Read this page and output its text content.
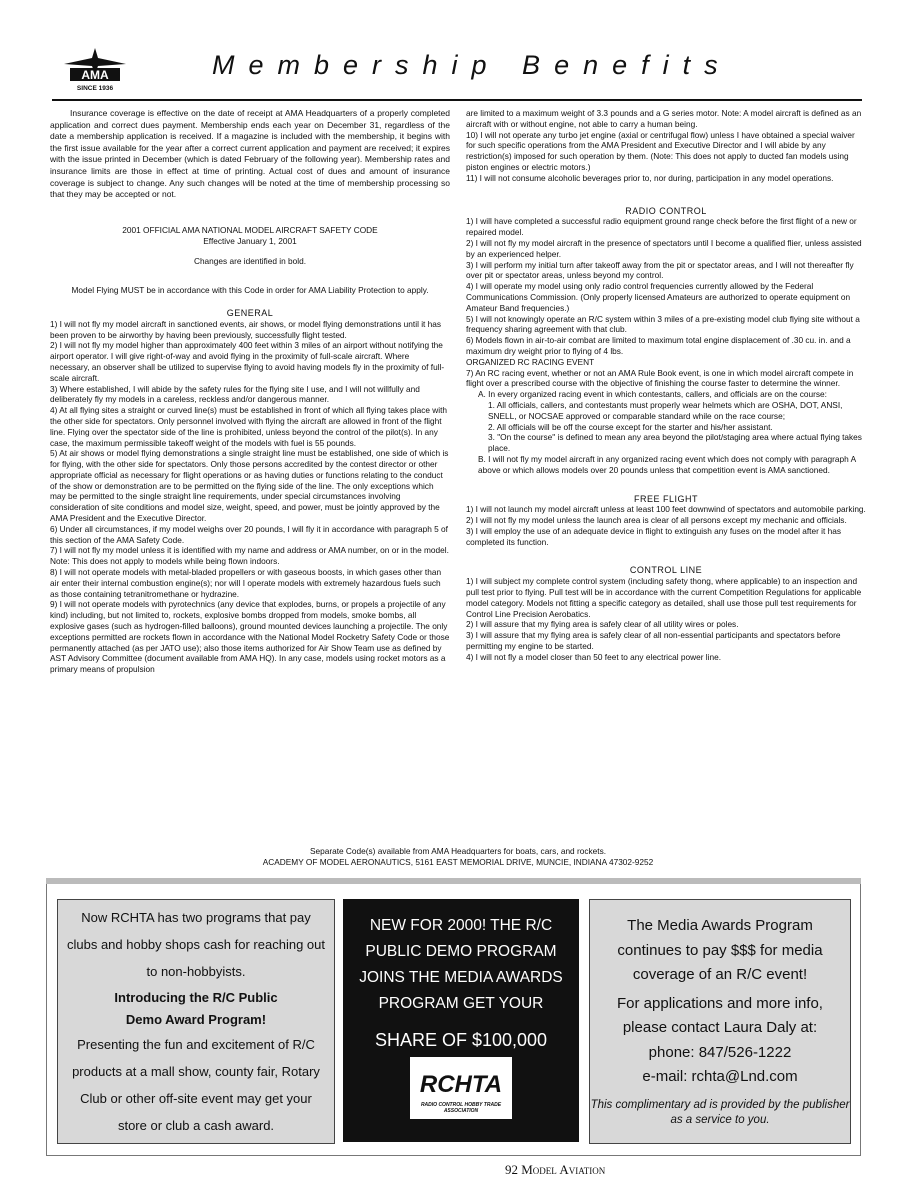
AMA
SINCE 1936
Membership Benefits

Insurance coverage is effective on the date of receipt at AMA Headquarters of a properly completed application and correct dues payment. Membership ends each year on December 31, regardless of the date a membership application is received. If a magazine is included with the membership, it begins with the first issue available for the year after a correct current application and payment are received; it expires with the issue printed in December (which is dated February of the following year). Membership rates and insurance limits are those in effect at time of printing. Actual cost of dues and amount of insurance coverage is subject to change. Any such changes will be noted at the time of membership processing so that they may be accepted or not.

2001 OFFICIAL AMA NATIONAL MODEL AIRCRAFT SAFETY CODE

Effective January 1, 2001

Changes are identified in bold.

Model Flying MUST be in accordance with this Code in order for AMA Liability Protection to apply.

GENERAL

1) I will not fly my model aircraft in sanctioned events, air shows, or model flying demonstrations until it has been proven to be airworthy by having been previously, successfully flight tested.

2) I will not fly my model higher than approximately 400 feet within 3 miles of an airport without notifying the airport operator. I will give right-of-way and avoid flying in the proximity of full-scale aircraft. Where necessary, an observer shall be utilized to supervise flying to avoid having models fly in the proximity of full-scale aircraft.

3) Where established, I will abide by the safety rules for the flying site I use, and I will not willfully and deliberately fly my models in a careless, reckless and/or dangerous manner.

4) At all flying sites a straight or curved line(s) must be established in front of which all flying takes place with the other side for spectators. Only personnel involved with flying the aircraft are allowed in front of the flight line. Flying over the spectator side of the line is prohibited, unless beyond the control of the pilot(s). In any case, the maximum permissible takeoff weight of the models with fuel is 55 pounds.

5) At air shows or model flying demonstrations a single straight line must be established, one side of which is for flying, with the other side for spectators. Only those persons accredited by the contest director or other appropriate official as necessary for flight operations or as having duties or functions relating to the conduct of the show or demonstration are to be permitted on the flying side of the line. The only exceptions which may be permitted to the single straight line requirements, under special circumstances involving consideration of site conditions and model size, weight, speed, and power, must be jointly approved by the AMA President and the Executive Director.

6) Under all circumstances, if my model weighs over 20 pounds, I will fly it in accordance with paragraph 5 of this section of the AMA Safety Code.

7) I will not fly my model unless it is identified with my name and address or AMA number, on or in the model. Note: This does not apply to models while being flown indoors.

8) I will not operate models with metal-bladed propellers or with gaseous boosts, in which gases other than air enter their internal combustion engine(s); nor will I operate models with extremely hazardous fuels such as those containing tetranitromethane or hydrazine.

9) I will not operate models with pyrotechnics (any device that explodes, burns, or propels a projectile of any kind) including, but not limited to, rockets, explosive bombs dropped from models, smoke bombs, all explosive gases (such as hydrogen-filled balloons), ground mounted devices launching a projectile. The only exceptions permitted are rockets flown in accordance with the National Model Rocketry Safety Code or those permanently attached (as per JATO use); also those items authorized for Air Show Team use as defined by AST Advisory Committee (document available from AMA HQ). In any case, models using rocket motors as a primary means of propulsion

are limited to a maximum weight of 3.3 pounds and a G series motor. Note: A model aircraft is defined as an aircraft with or without engine, not able to carry a human being.

10) I will not operate any turbo jet engine (axial or centrifugal flow) unless I have obtained a special waiver for such specific operations from the AMA President and Executive Director and I will abide by any restriction(s) imposed for such operation by them. (Note: This does not apply to ducted fan models using piston engines or electric motors.)

11) I will not consume alcoholic beverages prior to, nor during, participation in any model operations.

RADIO CONTROL

1) I will have completed a successful radio equipment ground range check before the first flight of a new or repaired model.

2) I will not fly my model aircraft in the presence of spectators until I become a qualified flier, unless assisted by an experienced helper.

3) I will perform my initial turn after takeoff away from the pit or spectator areas, and I will not thereafter fly over pit or spectator areas, unless beyond my control.

4) I will operate my model using only radio control frequencies currently allowed by the Federal Communications Commission. (Only properly licensed Amateurs are authorized to operate equipment on Amateur Band frequencies.)

5) I will not knowingly operate an R/C system within 3 miles of a pre-existing model club flying site without a frequency sharing agreement with that club.

6) Models flown in air-to-air combat are limited to maximum total engine displacement of .30 cu. in. and a maximum dry weight prior to flying of 4 lbs.

ORGANIZED RC RACING EVENT

7) An RC racing event, whether or not an AMA Rule Book event, is one in which model aircraft compete in flight over a prescribed course with the objective of finishing the course faster to determine the winner.

A. In every organized racing event in which contestants, callers, and officials are on the course:

1. All officials, callers, and contestants must properly wear helmets which are OSHA, DOT, ANSI, SNELL, or NOCSAE approved or comparable standard while on the race course;

2. All officials will be off the course except for the starter and his/her assistant.

3. "On the course" is defined to mean any area beyond the pilot/staging area where actual flying takes place.

B. I will not fly my model aircraft in any organized racing event which does not comply with paragraph A above or which allows models over 20 pounds unless that competition event is AMA sanctioned.

FREE FLIGHT

1) I will not launch my model aircraft unless at least 100 feet downwind of spectators and automobile parking.

2) I will not fly my model unless the launch area is clear of all persons except my mechanic and officials.

3) I will employ the use of an adequate device in flight to extinguish any fuses on the model after it has completed its function.

CONTROL LINE

1) I will subject my complete control system (including safety thong, where applicable) to an inspection and pull test prior to flying. Pull test will be in accordance with the current Competition Regulations for applicable model category. Models not fitting a specific category as detailed, shall use those pull test requirements for Control Line Precision Aerobatics.

2) I will assure that my flying area is safely clear of all utility wires or poles.

3) I will assure that my flying area is safely clear of all non-essential participants and spectators before permitting my engine to be started.

4) I will not fly a model closer than 50 feet to any electrical power line.

Separate Code(s) available from AMA Headquarters for boats, cars, and rockets.
ACADEMY OF MODEL AERONAUTICS, 5161 EAST MEMORIAL DRIVE, MUNCIE, INDIANA 47302-9252
Now RCHTA has two programs that pay clubs and hobby shops cash for reaching out to non-hobbyists.
Introducing the R/C Public Demo Award Program!
Presenting the fun and excitement of R/C products at a mall show, county fair, Rotary Club or other off-site event may get your store or club a cash award.
NEW FOR 2000! THE R/C PUBLIC DEMO PROGRAM JOINS THE MEDIA AWARDS PROGRAM GET YOUR
SHARE OF $100,000
RCHTA
RADIO CONTROL HOBBY TRADE ASSOCIATION
The Media Awards Program continues to pay $$$ for media coverage of an R/C event!
For applications and more info, please contact Laura Daly at:
phone: 847/526-1222
e-mail: rchta@Lnd.com
This complimentary ad is provided by the publisher as a service to you.
92 Model Aviation
